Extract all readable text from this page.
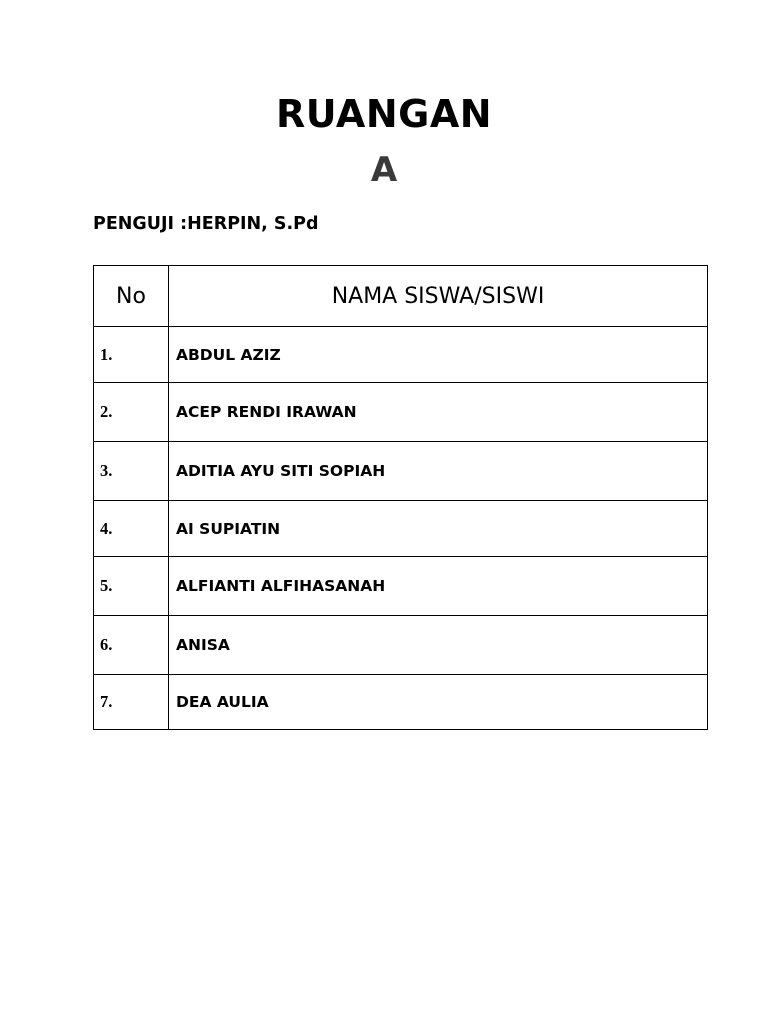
RUANGAN
A
PENGUJI :HERPIN, S.Pd
No	NAMA SISWA/SISWI
1.	ABDUL AZIZ
2.	ACEP RENDI IRAWAN
3.	ADITIA AYU SITI SOPIAH
4.	AI SUPIATIN
5.	ALFIANTI ALFIHASANAH
6.	ANISA
7.	DEA AULIA
